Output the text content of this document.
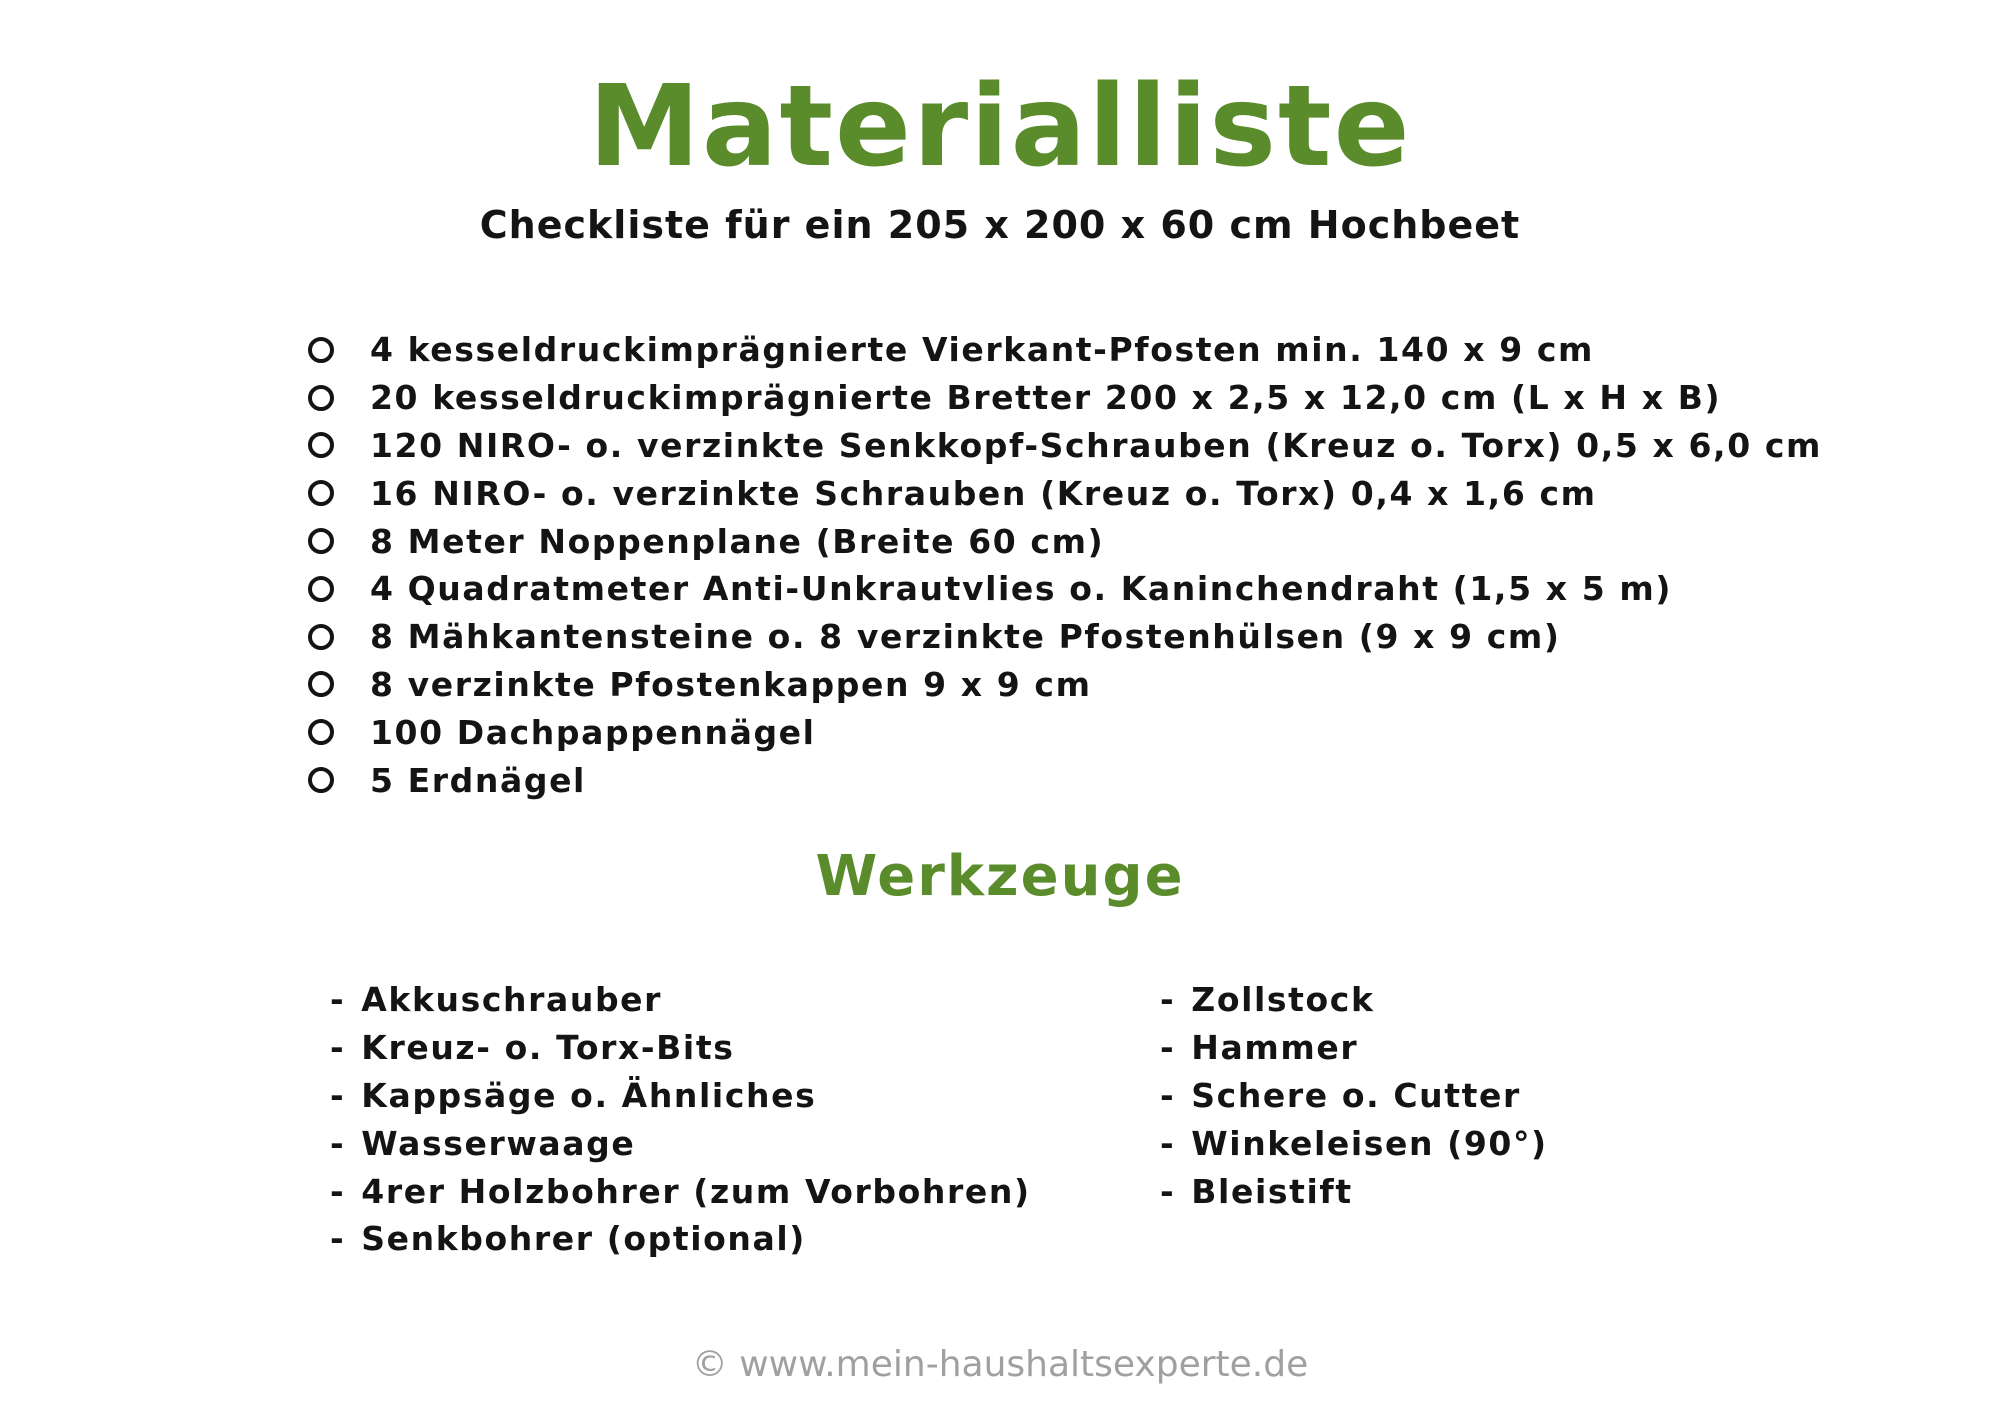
Materialliste
Checkliste für ein 205 x 200 x 60 cm Hochbeet
4 kesseldruckimprägnierte Vierkant-Pfosten min. 140 x 9 cm
20 kesseldruckimprägnierte Bretter 200 x 2,5 x 12,0 cm (L x H x B)
120 NIRO- o. verzinkte Senkkopf-Schrauben (Kreuz o. Torx) 0,5 x 6,0 cm
16 NIRO- o. verzinkte Schrauben (Kreuz o. Torx) 0,4 x 1,6 cm
8 Meter Noppenplane (Breite 60 cm)
4 Quadratmeter Anti-Unkrautvlies o. Kaninchendraht (1,5 x 5 m)
8 Mähkantensteine o. 8 verzinkte Pfostenhülsen (9 x 9 cm)
8 verzinkte Pfostenkappen 9 x 9 cm
100 Dachpappennägel
5 Erdnägel
Werkzeuge
- Akkuschrauber
- Kreuz- o. Torx-Bits
- Kappsäge o. Ähnliches
- Wasserwaage
- 4rer Holzbohrer (zum Vorbohren)
- Senkbohrer (optional)
- Zollstock
- Hammer
- Schere o. Cutter
- Winkeleisen (90°)
- Bleistift
© www.mein-haushaltsexperte.de
